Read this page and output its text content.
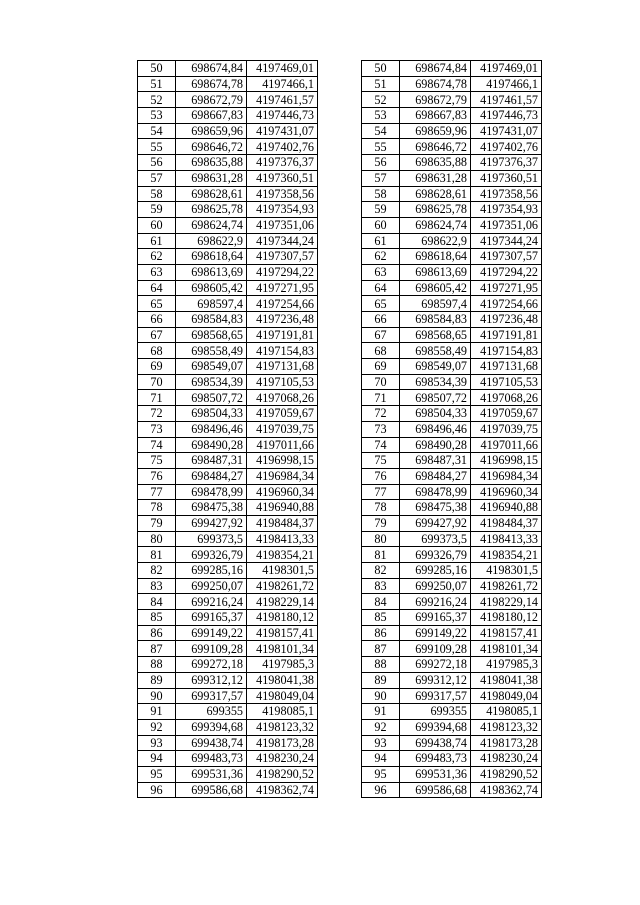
50	698674,84	4197469,01
51	698674,78	4197466,1
52	698672,79	4197461,57
53	698667,83	4197446,73
54	698659,96	4197431,07
55	698646,72	4197402,76
56	698635,88	4197376,37
57	698631,28	4197360,51
58	698628,61	4197358,56
59	698625,78	4197354,93
60	698624,74	4197351,06
61	698622,9	4197344,24
62	698618,64	4197307,57
63	698613,69	4197294,22
64	698605,42	4197271,95
65	698597,4	4197254,66
66	698584,83	4197236,48
67	698568,65	4197191,81
68	698558,49	4197154,83
69	698549,07	4197131,68
70	698534,39	4197105,53
71	698507,72	4197068,26
72	698504,33	4197059,67
73	698496,46	4197039,75
74	698490,28	4197011,66
75	698487,31	4196998,15
76	698484,27	4196984,34
77	698478,99	4196960,34
78	698475,38	4196940,88
79	699427,92	4198484,37
80	699373,5	4198413,33
81	699326,79	4198354,21
82	699285,16	4198301,5
83	699250,07	4198261,72
84	699216,24	4198229,14
85	699165,37	4198180,12
86	699149,22	4198157,41
87	699109,28	4198101,34
88	699272,18	4197985,3
89	699312,12	4198041,38
90	699317,57	4198049,04
91	699355	4198085,1
92	699394,68	4198123,32
93	699438,74	4198173,28
94	699483,73	4198230,24
95	699531,36	4198290,52
96	699586,68	4198362,74
50	698674,84	4197469,01
51	698674,78	4197466,1
52	698672,79	4197461,57
53	698667,83	4197446,73
54	698659,96	4197431,07
55	698646,72	4197402,76
56	698635,88	4197376,37
57	698631,28	4197360,51
58	698628,61	4197358,56
59	698625,78	4197354,93
60	698624,74	4197351,06
61	698622,9	4197344,24
62	698618,64	4197307,57
63	698613,69	4197294,22
64	698605,42	4197271,95
65	698597,4	4197254,66
66	698584,83	4197236,48
67	698568,65	4197191,81
68	698558,49	4197154,83
69	698549,07	4197131,68
70	698534,39	4197105,53
71	698507,72	4197068,26
72	698504,33	4197059,67
73	698496,46	4197039,75
74	698490,28	4197011,66
75	698487,31	4196998,15
76	698484,27	4196984,34
77	698478,99	4196960,34
78	698475,38	4196940,88
79	699427,92	4198484,37
80	699373,5	4198413,33
81	699326,79	4198354,21
82	699285,16	4198301,5
83	699250,07	4198261,72
84	699216,24	4198229,14
85	699165,37	4198180,12
86	699149,22	4198157,41
87	699109,28	4198101,34
88	699272,18	4197985,3
89	699312,12	4198041,38
90	699317,57	4198049,04
91	699355	4198085,1
92	699394,68	4198123,32
93	699438,74	4198173,28
94	699483,73	4198230,24
95	699531,36	4198290,52
96	699586,68	4198362,74
